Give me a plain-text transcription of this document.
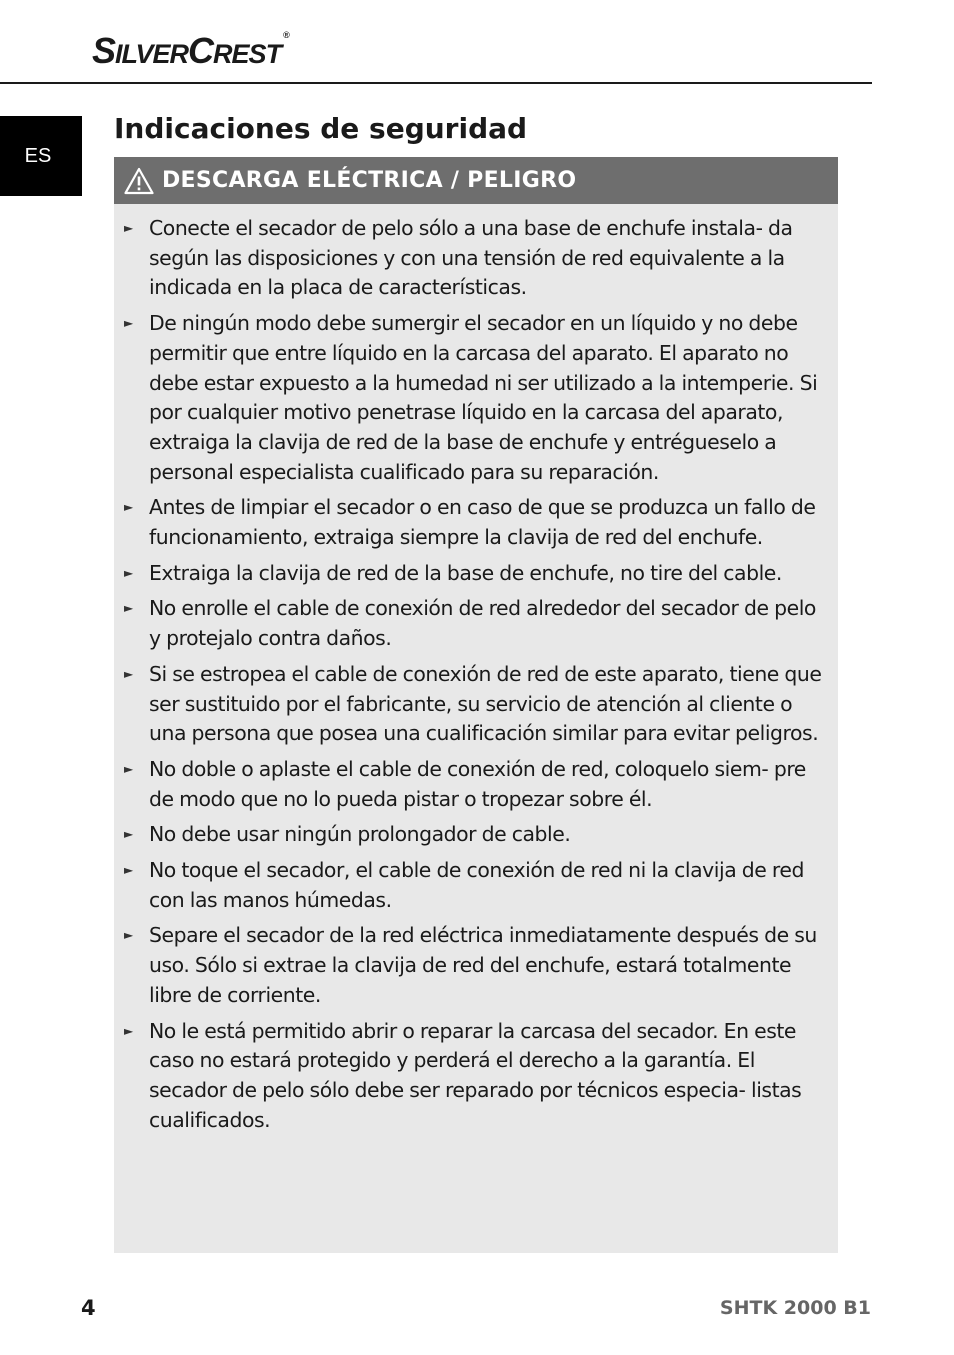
SILVERCREST®
ES
Indicaciones de seguridad
DESCARGA ELÉCTRICA / PELIGRO
► Conecte el secador de pelo sólo a una base de enchufe instala- da según las disposiciones y con una tensión de red equivalente a la indicada en la placa de características.
► De ningún modo debe sumergir el secador en un líquido y no debe permitir que entre líquido en la carcasa del aparato. El aparato no debe estar expuesto a la humedad ni ser utilizado a la intemperie. Si por cualquier motivo penetrase líquido en la carcasa del aparato, extraiga la clavija de red de la base de enchufe y entrégueselo a personal especialista cualificado para su reparación.
► Antes de limpiar el secador o en caso de que se produzca un fallo de funcionamiento, extraiga siempre la clavija de red del enchufe.
► Extraiga la clavija de red de la base de enchufe, no tire del cable.
► No enrolle el cable de conexión de red alrededor del secador de pelo y protejalo contra daños.
► Si se estropea el cable de conexión de red de este aparato, tiene que ser sustituido por el fabricante, su servicio de atención al cliente o una persona que posea una cualificación similar para evitar peligros.
► No doble o aplaste el cable de conexión de red, coloquelo siem- pre de modo que no lo pueda pistar o tropezar sobre él.
► No debe usar ningún prolongador de cable.
► No toque el secador, el cable de conexión de red ni la clavija de red con las manos húmedas.
► Separe el secador de la red eléctrica inmediatamente después de su uso. Sólo si extrae la clavija de red del enchufe, estará totalmente libre de corriente.
► No le está permitido abrir o reparar la carcasa del secador. En este caso no estará protegido y perderá el derecho a la garantía. El secador de pelo sólo debe ser reparado por técnicos especia- listas cualificados.
4	SHTK 2000 B1
